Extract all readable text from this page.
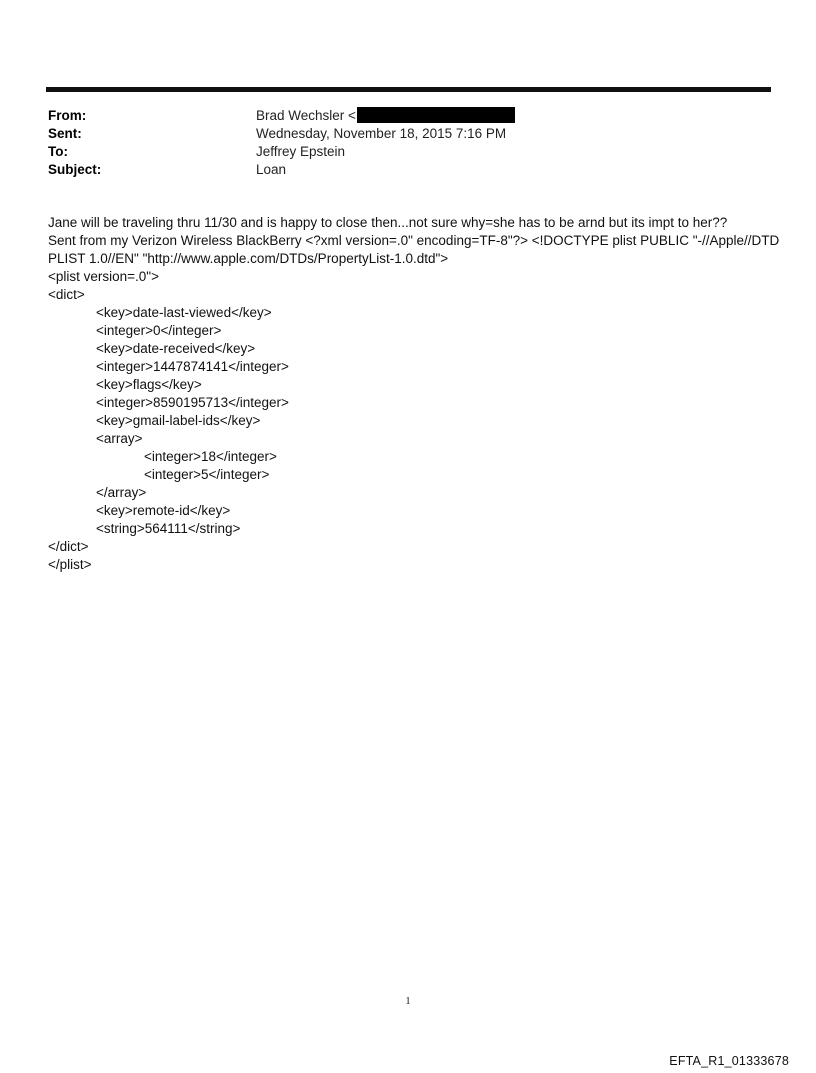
From:	Brad Wechsler <
Sent:	Wednesday, November 18, 2015 7:16 PM
To:	Jeffrey Epstein
Subject:	Loan
Jane will be traveling thru 11/30 and is happy to close then...not sure why=she has to be arnd but its impt to her??
Sent from my Verizon Wireless BlackBerry <?xml version=.0" encoding=TF-8"?> <!DOCTYPE plist PUBLIC "-//Apple//DTD
PLIST 1.0//EN" "http://www.apple.com/DTDs/PropertyList-1.0.dtd">
<plist version=.0">
<dict>
<key>date-last-viewed</key>
<integer>0</integer>
<key>date-received</key>
<integer>1447874141</integer>
<key>flags</key>
<integer>8590195713</integer>
<key>gmail-label-ids</key>
<array>
<integer>18</integer>
<integer>5</integer>
</array>
<key>remote-id</key>
<string>564111</string>
</dict>
</plist>
1
EFTA_R1_01333678
